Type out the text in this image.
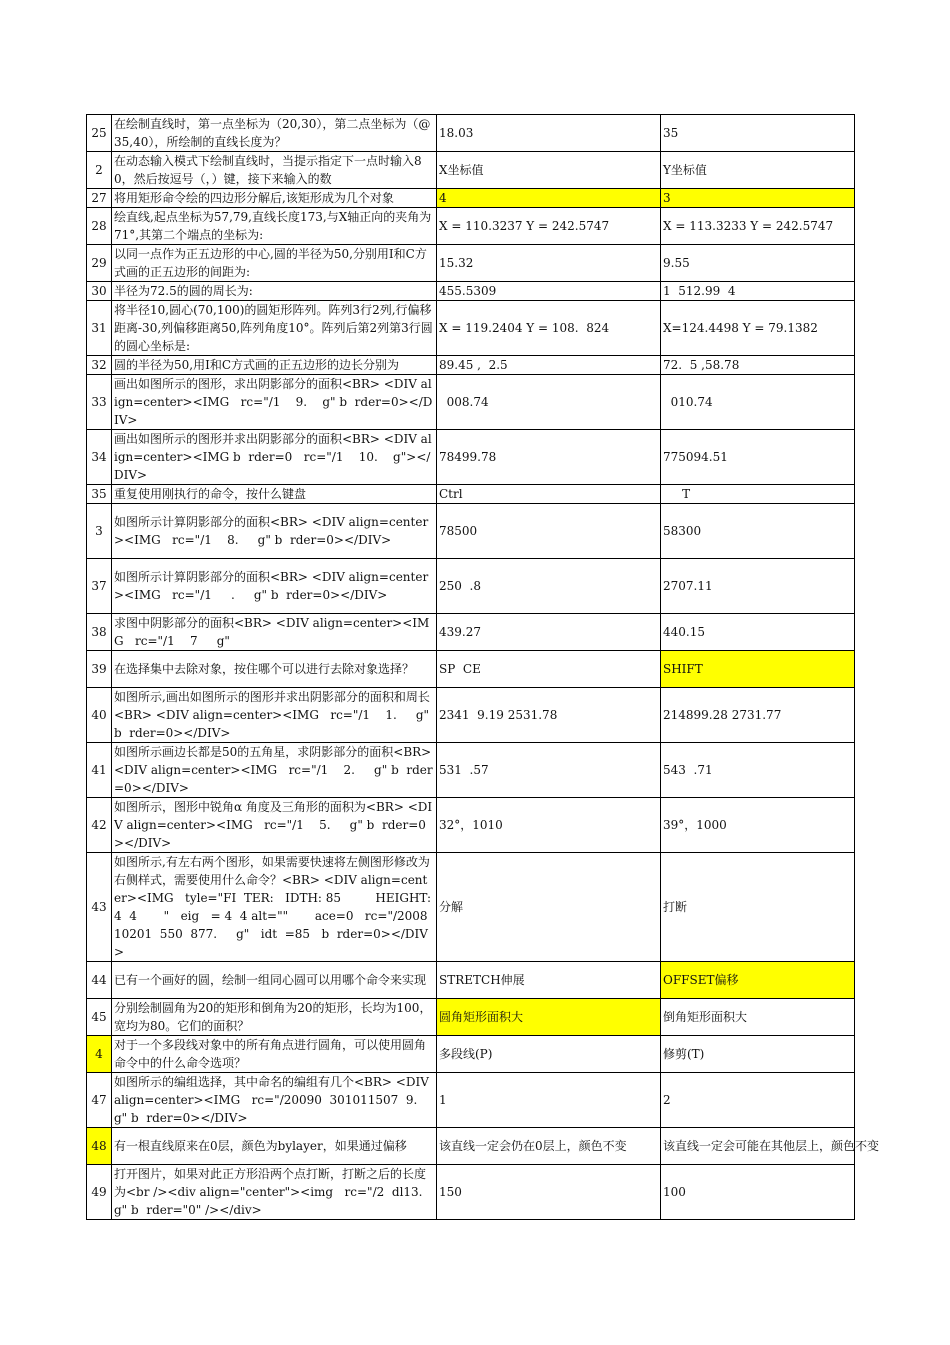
25	在绘制直线时，第一点坐标为（20,30），第二点坐标为（@35,40），所绘制的直线长度为？	18.03	35

2	在动态输入模式下绘制直线时，当提示指定下一点时输入80，然后按逗号（，）键，接下来输入的数	X坐标值	Y坐标值

27	将用矩形命令绘的四边形分解后,该矩形成为几个对象	4	3

28	绘直线,起点坐标为57,79,直线长度173,与X轴正向的夹角为71°,其第二个端点的坐标为:	X = 110.3237 Y = 242.5747	X = 113.3233 Y = 242.5747

29	以同一点作为正五边形的中心,圆的半径为50,分别用I和C方式画的正五边形的间距为:	15.32	9.55

30	半径为72.5的圆的周长为:	455.5309	1  512.99  4

31	将半径10,圆心(70,100)的圆矩形阵列。阵列3行2列,行偏移距离-30,列偏移距离50,阵列角度10°。阵列后第2列第3行圆的圆心坐标是:	X = 119.2404 Y = 108.  824	X=124.4498 Y = 79.1382

32	圆的半径为50,用I和C方式画的正五边形的边长分别为	89.45 ,  2.5	72.  5 ,58.78

33	画出如图所示的图形，求出阴影部分的面积<BR> <DIV align=center><IMG   rc="/1    9.    g" b  rder=0></DIV>	008.74	010.74

34	画出如图所示的图形并求出阴影部分的面积<BR> <DIV align=center><IMG b  rder=0   rc="/1    10.    g"></DIV>	78499.78	775094.51

35	重复使用刚执行的命令，按什么键盘	Ctrl	T

3	如图所示计算阴影部分的面积<BR> <DIV align=center><IMG   rc="/1    8.     g" b  rder=0></DIV>	78500	58300

37	如图所示计算阴影部分的面积<BR> <DIV align=center><IMG   rc="/1     .     g" b  rder=0></DIV>	250  .8	2707.11

38	求图中阴影部分的面积<BR> <DIV align=center><IMG   rc="/1    7     g"	439.27	440.15

39	在选择集中去除对象，按住哪个可以进行去除对象选择？	SP  CE	SHIFT

40	如图所示,画出如图所示的图形并求出阴影部分的面积和周长<BR> <DIV align=center><IMG   rc="/1    1.     g" b  rder=0></DIV>	2341  9.19 2531.78	214899.28 2731.77

41	如图所示画边长都是50的五角星，求阴影部分的面积<BR> <DIV align=center><IMG   rc="/1    2.     g" b  rder=0></DIV>	531  .57	543  .71

42	如图所示，图形中锐角α 角度及三角形的面积为<BR> <DIV align=center><IMG   rc="/1    5.     g" b  rder=0></DIV>	32°，1010	39°，1000

43	如图所示,有左右两个图形，如果需要快速将左侧图形修改为右侧样式，需要使用什么命令？<BR> <DIV align=center><IMG   tyle="FI  TER:   IDTH: 85         HEIGHT: 4  4       "   eig   = 4  4 alt=""       ace=0   rc="/200810201  550  877.     g"   idt  =85   b  rder=0></DIV>	分解	打断

44	已有一个画好的圆，绘制一组同心圆可以用哪个命令来实现	STRETCH伸展	OFFSET偏移

45	分别绘制圆角为20的矩形和倒角为20的矩形，长均为100，宽均为80。它们的面积？	圆角矩形面积大	倒角矩形面积大

4	对于一个多段线对象中的所有角点进行圆角，可以使用圆角命令中的什么命令选项？	多段线(P)	修剪(T)

47	如图所示的编组选择，其中命名的编组有几个<BR> <DIV align=center><IMG   rc="/20090  301011507  9.     g" b  rder=0></DIV>	1	2

48	有一根直线原来在0层，颜色为bylayer，如果通过偏移	该直线一定会仍在0层上，颜色不变	该直线一定会可能在其他层上，颜色不变

49	打开图片，如果对此正方形沿两个点打断，打断之后的长度为<br /><div align="center"><img   rc="/2  dl13.     g" b  rder="0" /></div>	150	100
